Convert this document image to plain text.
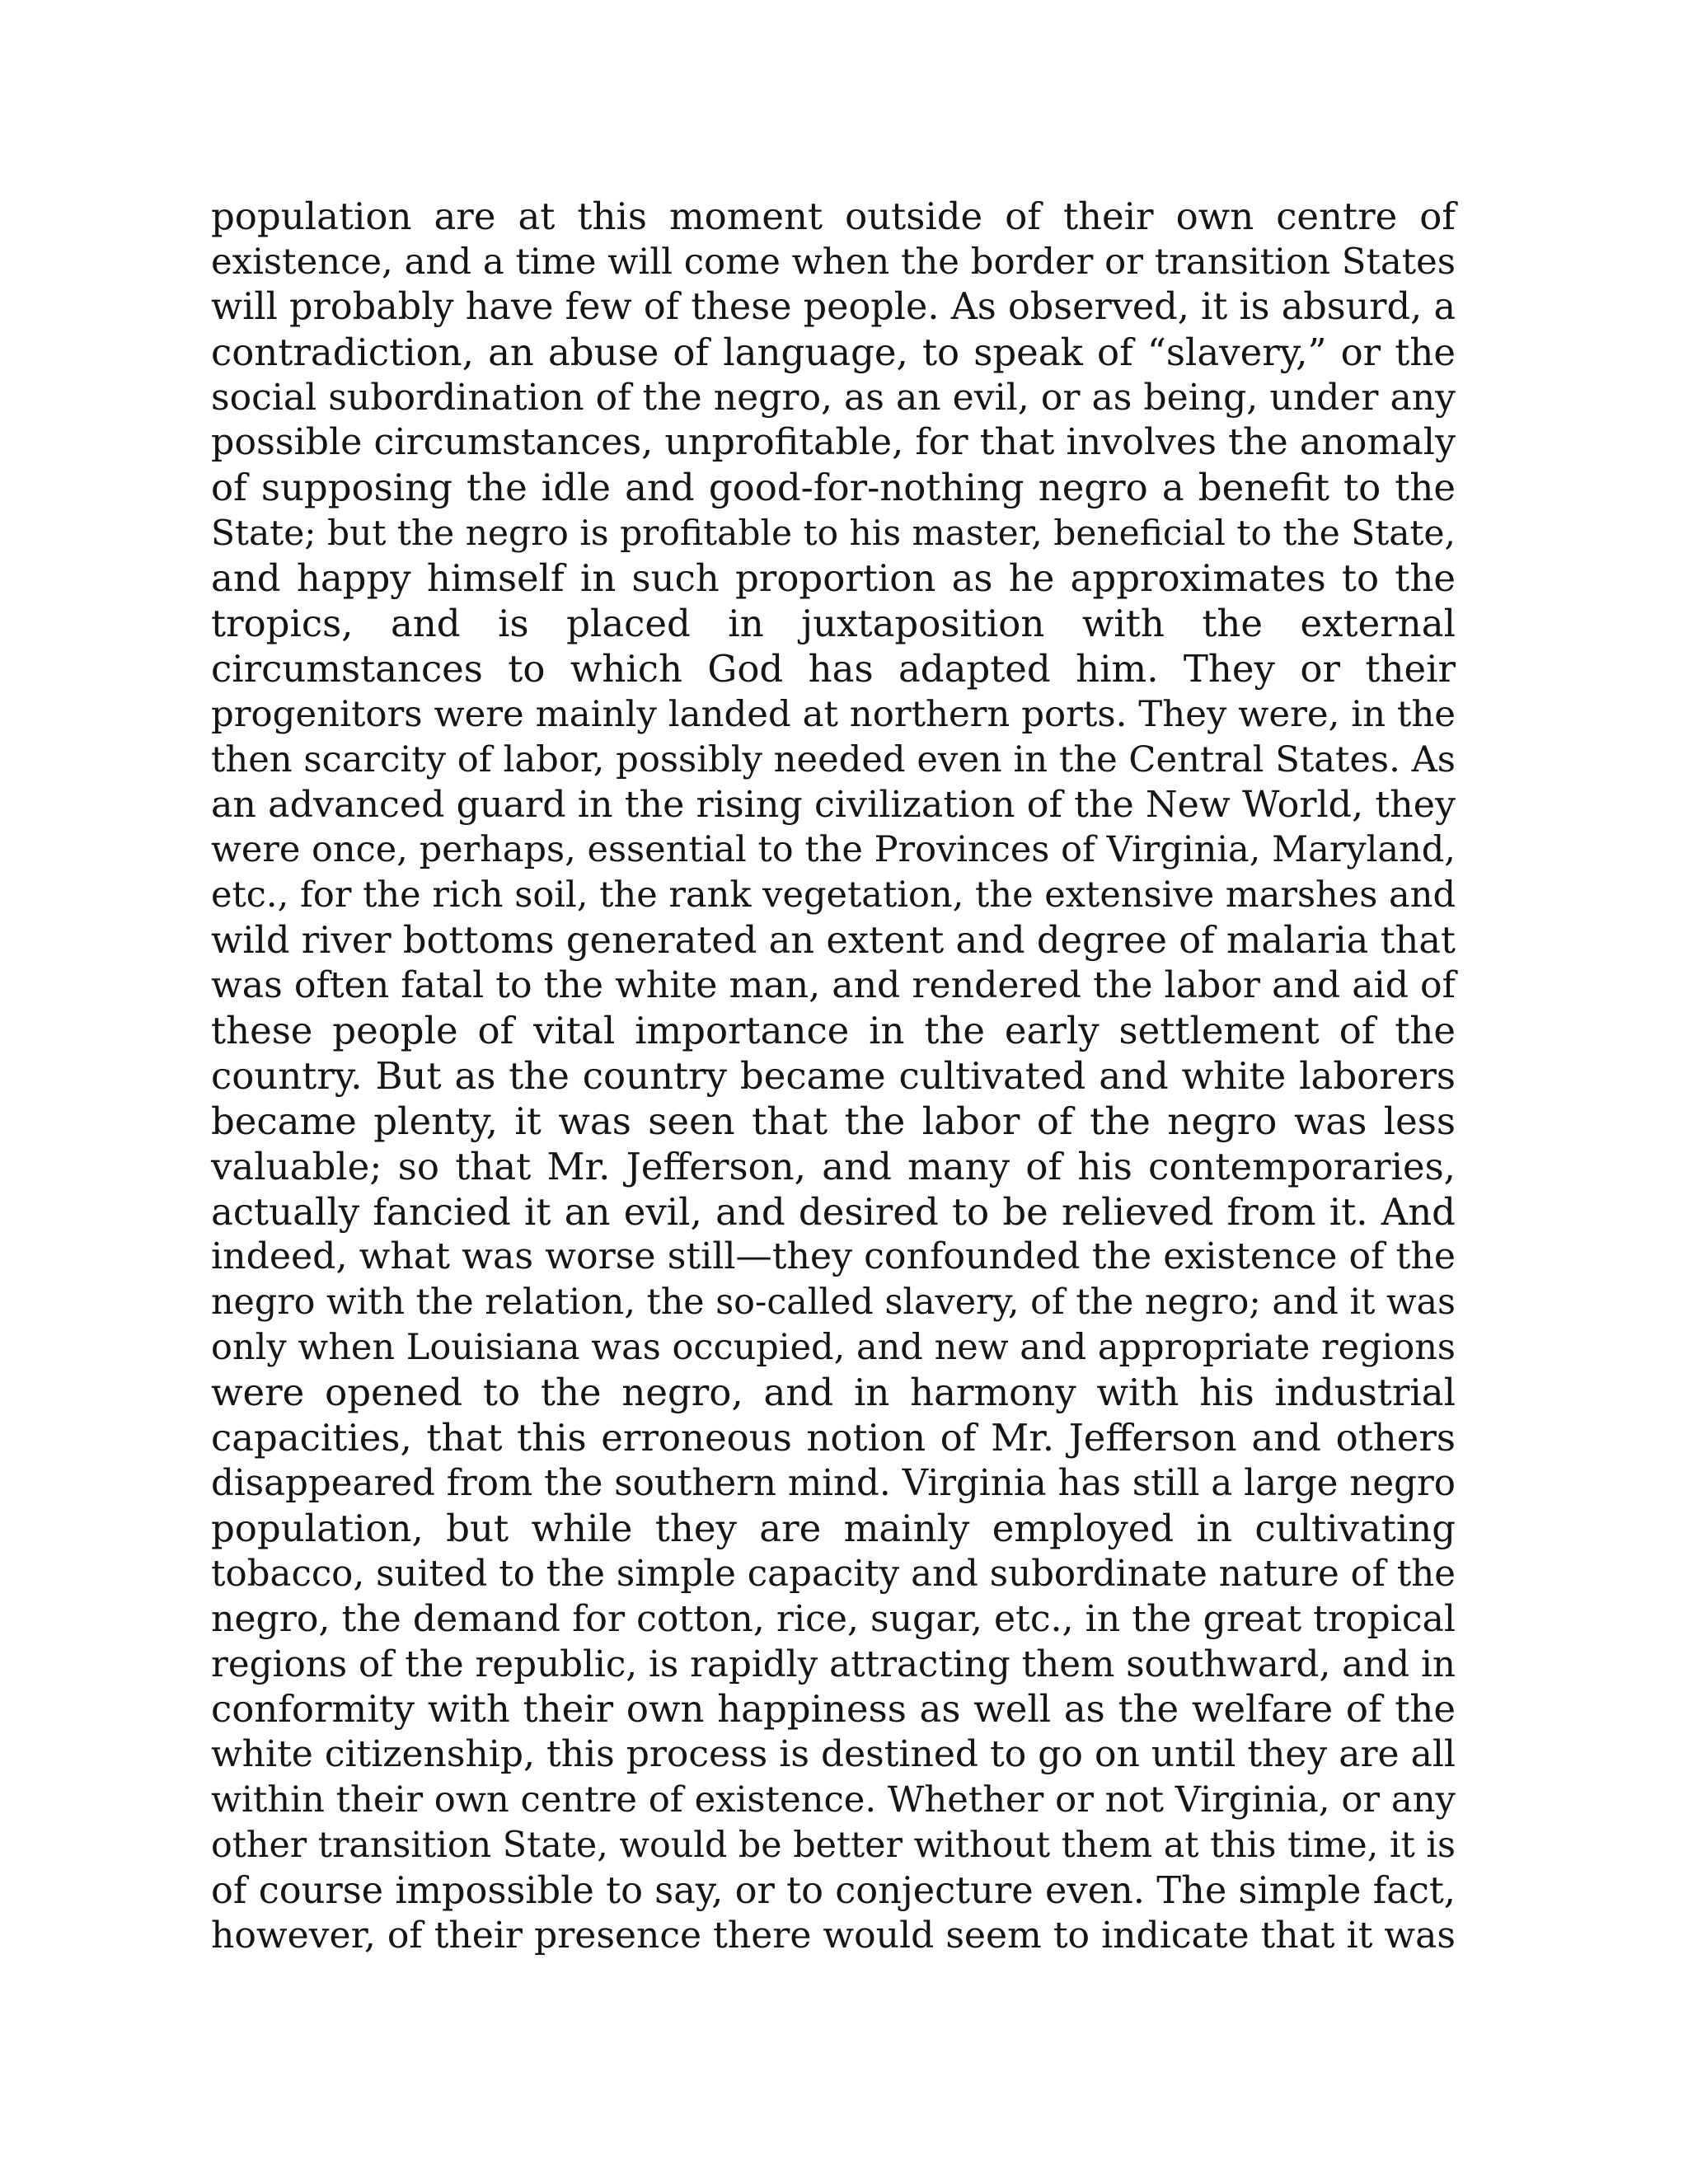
population are at this moment outside of their own centre of
existence, and a time will come when the border or transition States
will probably have few of these people. As observed, it is absurd, a
contradiction, an abuse of language, to speak of “slavery,” or the
social subordination of the negro, as an evil, or as being, under any
possible circumstances, unprofitable, for that involves the anomaly
of supposing the idle and good-for-nothing negro a benefit to the
State; but the negro is profitable to his master, beneficial to the State,
and happy himself in such proportion as he approximates to the
tropics, and is placed in juxtaposition with the external
circumstances to which God has adapted him. They or their
progenitors were mainly landed at northern ports. They were, in the
then scarcity of labor, possibly needed even in the Central States. As
an advanced guard in the rising civilization of the New World, they
were once, perhaps, essential to the Provinces of Virginia, Maryland,
etc., for the rich soil, the rank vegetation, the extensive marshes and
wild river bottoms generated an extent and degree of malaria that
was often fatal to the white man, and rendered the labor and aid of
these people of vital importance in the early settlement of the
country. But as the country became cultivated and white laborers
became plenty, it was seen that the labor of the negro was less
valuable; so that Mr. Jefferson, and many of his contemporaries,
actually fancied it an evil, and desired to be relieved from it. And
indeed, what was worse still—they confounded the existence of the
negro with the relation, the so-called slavery, of the negro; and it was
only when Louisiana was occupied, and new and appropriate regions
were opened to the negro, and in harmony with his industrial
capacities, that this erroneous notion of Mr. Jefferson and others
disappeared from the southern mind. Virginia has still a large negro
population, but while they are mainly employed in cultivating
tobacco, suited to the simple capacity and subordinate nature of the
negro, the demand for cotton, rice, sugar, etc., in the great tropical
regions of the republic, is rapidly attracting them southward, and in
conformity with their own happiness as well as the welfare of the
white citizenship, this process is destined to go on until they are all
within their own centre of existence. Whether or not Virginia, or any
other transition State, would be better without them at this time, it is
of course impossible to say, or to conjecture even. The simple fact,
however, of their presence there would seem to indicate that it was
